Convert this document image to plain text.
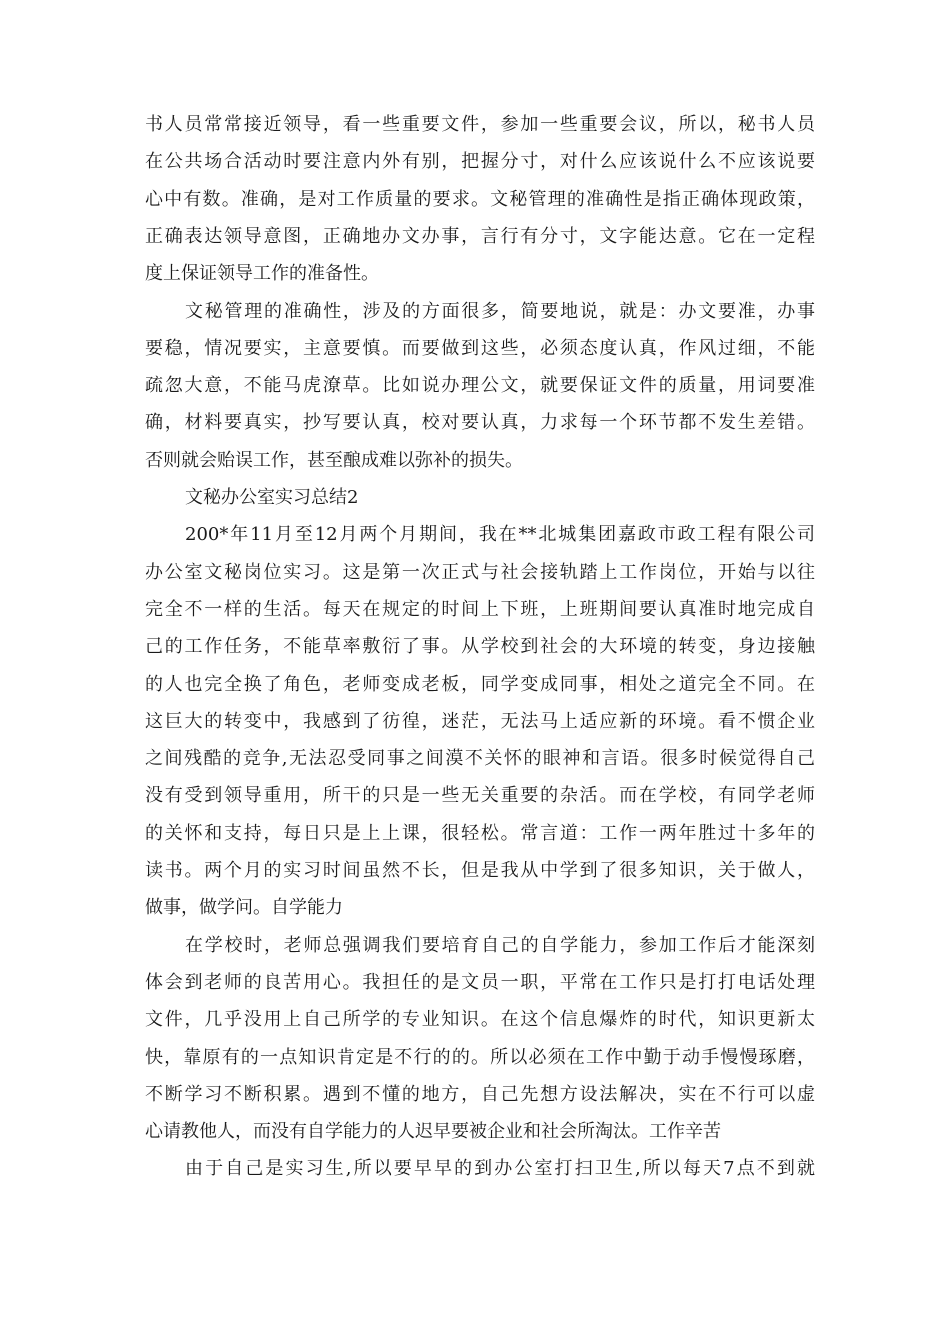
书人员常常接近领导，看一些重要文件，参加一些重要会议，所以，秘书人员
在公共场合活动时要注意内外有别，把握分寸，对什么应该说什么不应该说要
心中有数。准确，是对工作质量的要求。文秘管理的准确性是指正确体现政策，
正确表达领导意图，正确地办文办事，言行有分寸，文字能达意。它在一定程
度上保证领导工作的准备性。
文秘管理的准确性，涉及的方面很多，简要地说，就是：办文要准，办事
要稳，情况要实，主意要慎。而要做到这些，必须态度认真，作风过细，不能
疏忽大意，不能马虎潦草。比如说办理公文，就要保证文件的质量，用词要准
确，材料要真实，抄写要认真，校对要认真，力求每一个环节都不发生差错。
否则就会贻误工作，甚至酿成难以弥补的损失。
文秘办公室实习总结2
200*年11月至12月两个月期间，我在**北城集团嘉政市政工程有限公司
办公室文秘岗位实习。这是第一次正式与社会接轨踏上工作岗位，开始与以往
完全不一样的生活。每天在规定的时间上下班，上班期间要认真准时地完成自
己的工作任务，不能草率敷衍了事。从学校到社会的大环境的转变，身边接触
的人也完全换了角色，老师变成老板，同学变成同事，相处之道完全不同。在
这巨大的转变中，我感到了彷徨，迷茫，无法马上适应新的环境。看不惯企业
之间残酷的竞争,无法忍受同事之间漠不关怀的眼神和言语。很多时候觉得自己
没有受到领导重用，所干的只是一些无关重要的杂活。而在学校，有同学老师
的关怀和支持，每日只是上上课，很轻松。常言道：工作一两年胜过十多年的
读书。两个月的实习时间虽然不长，但是我从中学到了很多知识，关于做人，
做事，做学问。自学能力
在学校时，老师总强调我们要培育自己的自学能力，参加工作后才能深刻
体会到老师的良苦用心。我担任的是文员一职，平常在工作只是打打电话处理
文件，几乎没用上自己所学的专业知识。在这个信息爆炸的时代，知识更新太
快，靠原有的一点知识肯定是不行的的。所以必须在工作中勤于动手慢慢琢磨，
不断学习不断积累。遇到不懂的地方，自己先想方设法解决，实在不行可以虚
心请教他人，而没有自学能力的人迟早要被企业和社会所淘汰。工作辛苦
由于自己是实习生,所以要早早的到办公室打扫卫生,所以每天7点不到就
